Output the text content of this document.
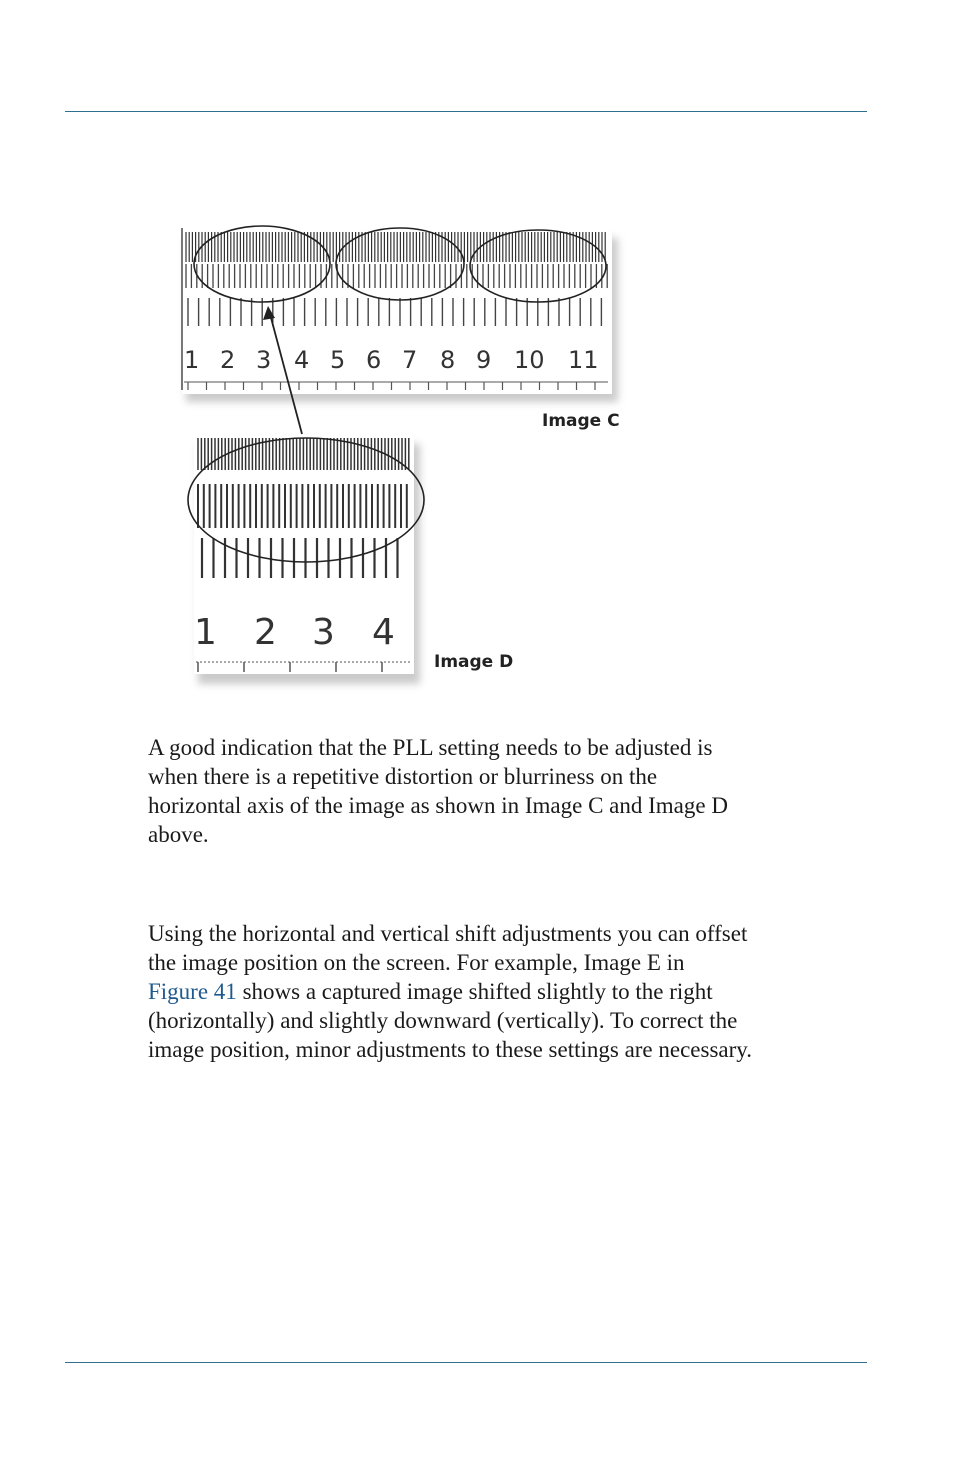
1 2 3 4 5 6 7 8 9 10 11
Image C
1 2 3 4
Image D

A good indication that the PLL setting needs to be adjusted is
when there is a repetitive distortion or blurriness on the
horizontal axis of the image as shown in Image C and Image D
above.

Using the horizontal and vertical shift adjustments you can offset
the image position on the screen. For example, Image E in
Figure 41 shows a captured image shifted slightly to the right
(horizontally) and slightly downward (vertically). To correct the
image position, minor adjustments to these settings are necessary.
